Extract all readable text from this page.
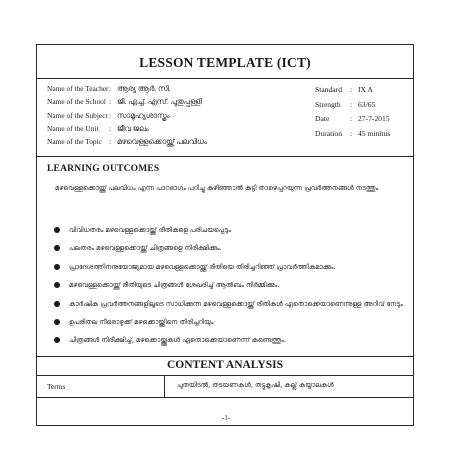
LESSON TEMPLATE (ICT)
Name of the Teacher: ആര്യ ആർ. സി.
Name of the School : ജി. എച്ച്. എസ്. പുതുപ്പള്ളി
Name of the Subject: സാമൂഹ്യശാസ്ത്രം
Name of the Unit : ജീവ ജലം
Name of the Topic : മഴവെള്ളക്കൊയ്ത്ത് പലവിധം
Standard : IX A
Strength : 63/65
Date	: 27-7-2015
Duration : 45 minitus
LEARNING OUTCOMES
മഴവെള്ളക്കൊയ്ത്ത് പലവിധം എന്ന പാഠഭാഗം പഠിച്ചു കഴിഞ്ഞാൽ കുട്ടി താഴെപ്പറയുന്ന പ്രവർത്തനങ്ങൾ നടത്തും
വിവിധതരം മഴവെള്ളക്കൊയ്ത്ത് രീതികളെ പരിചയപ്പെടും
പലതരം മഴവെള്ളക്കൊയ്ത്ത് ചിത്രങ്ങളെ നിരീക്ഷിക്കും.
പ്രാദേശത്തിനനുയോജ്യമായ മഴവെള്ളക്കൊയ്ത്ത് രീതിയെ തിരിച്ചറിഞ്ഞ് പ്രാവർത്തികമാക്കും.
മഴവെള്ളക്കൊയ്ത്ത് രീതിയുടെ ചിത്രങ്ങൾ ശേഖരിച്ച് ആൽബം നിർമ്മിക്കും.
കാർഷിക പ്രവർത്തനങ്ങളിലൂടെ സാധിക്കുന്ന മഴവെള്ളക്കൊയ്ത്ത് രീതികൾ ഏതൊക്കെയാണെന്നുള്ള അറിവ് നേടും
ഉപരിതല നീരൊഴുക്ക് മഴക്കൊയ്ത്തിനെ തിരിച്ചറിയും
ചിത്രങ്ങൾ നിരീക്ഷിച്ച്, മഴക്കൊയ്ത്തുകൾ ഏതൊക്കെയാണെന്ന് കണ്ടെത്തും.
CONTENT ANALYSIS
Terms	പുതയിടൽ, തടയണകൾ, തട്ടുകൃഷി, കല്ല് കയ്യാലകൾ
-1-
